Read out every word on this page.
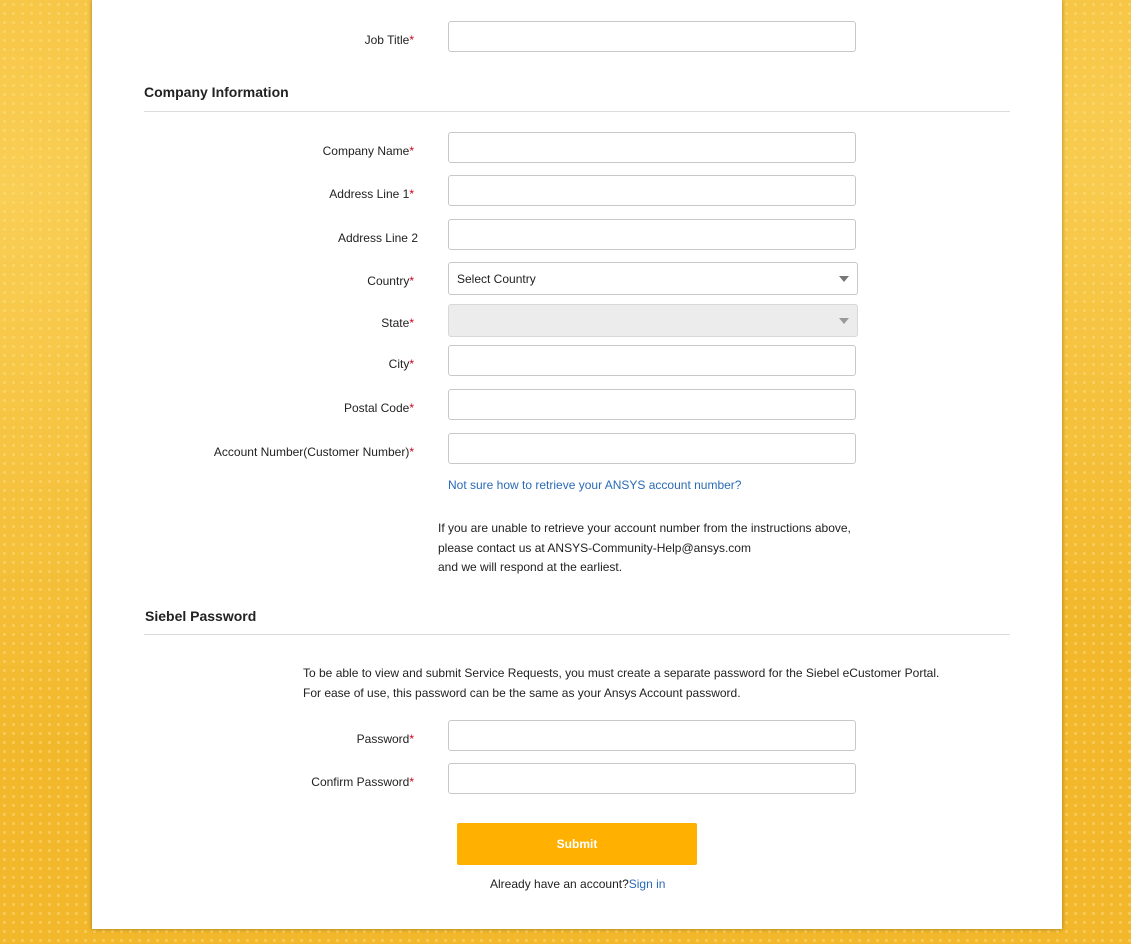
Job Title*
Company Information
Company Name*
Address Line 1*
Address Line 2
Country*	Select Country
State*
City*
Postal Code*
Account Number(Customer Number)*
Not sure how to retrieve your ANSYS account number?
If you are unable to retrieve your account number from the instructions above,
please contact us at ANSYS-Community-Help@ansys.com
and we will respond at the earliest.
Siebel Password
To be able to view and submit Service Requests, you must create a separate password for the Siebel eCustomer Portal.
For ease of use, this password can be the same as your Ansys Account password.
Password*
Confirm Password*
Submit
Already have an account?Sign in
